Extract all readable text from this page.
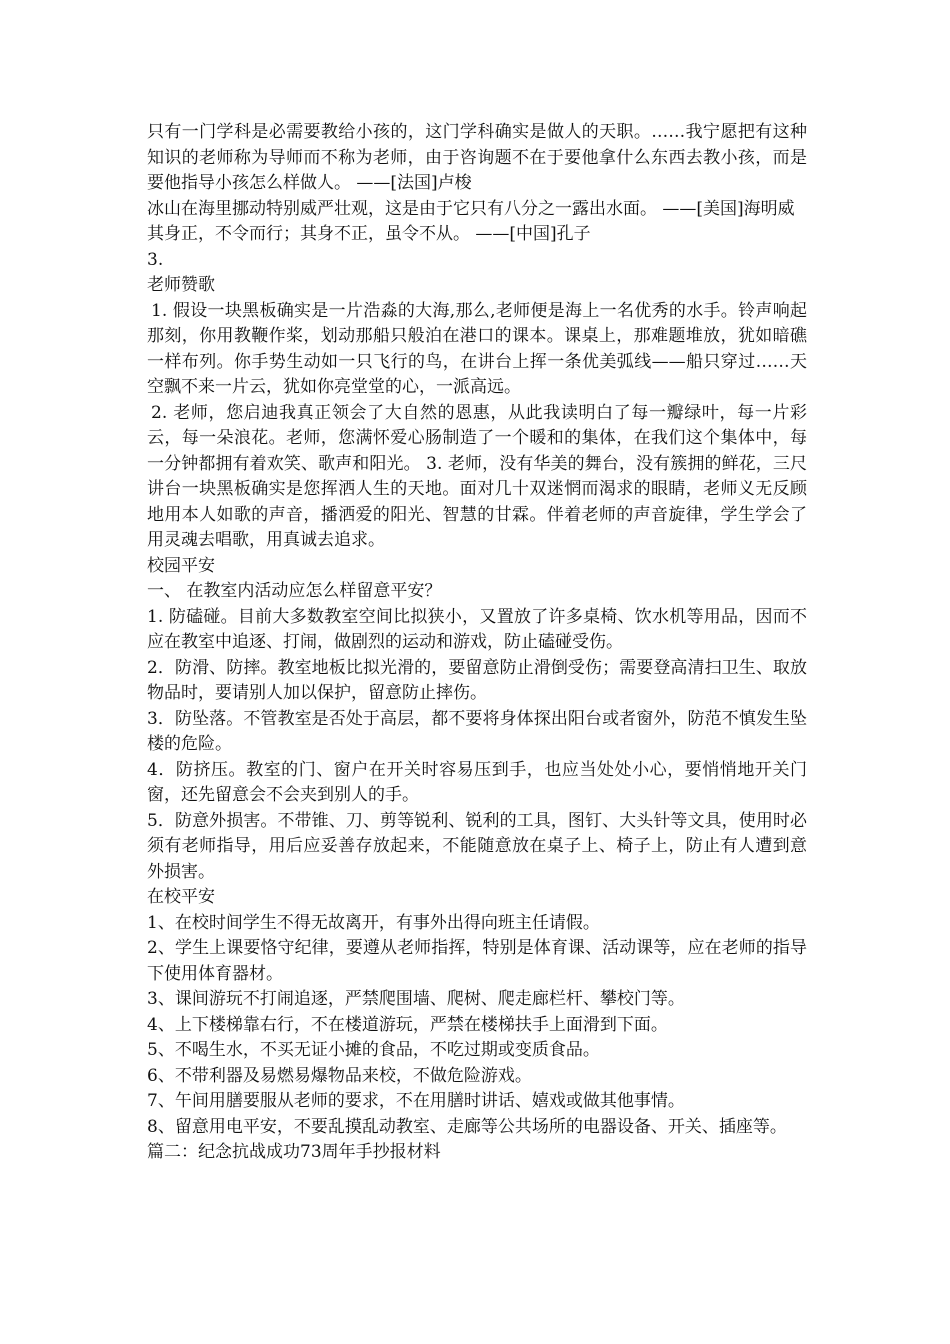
只有一门学科是必需要教给小孩的，这门学科确实是做人的天职。……我宁愿把有这种知识的老师称为导师而不称为老师，由于咨询题不在于要他拿什么东西去教小孩，而是要他指导小孩怎么样做人。 ——[法国]卢梭

冰山在海里挪动特别威严壮观，这是由于它只有八分之一露出水面。 ——[美国]海明威

其身正，不令而行；其身不正，虽令不从。 ——[中国]孔子

3.

老师赞歌

1. 假设一块黑板确实是一片浩淼的大海,那么,老师便是海上一名优秀的水手。铃声响起那刻，你用教鞭作桨，划动那船只般泊在港口的课本。课桌上，那难题堆放，犹如暗礁一样布列。你手势生动如一只飞行的鸟，在讲台上挥一条优美弧线——船只穿过……天空飘不来一片云，犹如你亮堂堂的心，一派高远。

2. 老师，您启迪我真正领会了大自然的恩惠，从此我读明白了每一瓣绿叶，每一片彩云，每一朵浪花。老师，您满怀爱心肠制造了一个暖和的集体，在我们这个集体中，每一分钟都拥有着欢笑、歌声和阳光。 3. 老师，没有华美的舞台，没有簇拥的鲜花，三尺讲台一块黑板确实是您挥洒人生的天地。面对几十双迷惘而渴求的眼睛，老师义无反顾地用本人如歌的声音，播洒爱的阳光、智慧的甘霖。伴着老师的声音旋律，学生学会了用灵魂去唱歌，用真诚去追求。

校园平安

一、 在教室内活动应怎么样留意平安？

1. 防磕碰。目前大多数教室空间比拟狭小，又置放了许多桌椅、饮水机等用品，因而不应在教室中追逐、打闹，做剧烈的运动和游戏，防止磕碰受伤。

2．防滑、防摔。教室地板比拟光滑的，要留意防止滑倒受伤；需要登高清扫卫生、取放物品时，要请别人加以保护，留意防止摔伤。

3．防坠落。不管教室是否处于高层，都不要将身体探出阳台或者窗外，防范不慎发生坠楼的危险。

4．防挤压。教室的门、窗户在开关时容易压到手，也应当处处小心，要悄悄地开关门窗，还先留意会不会夹到别人的手。

5．防意外损害。不带锥、刀、剪等锐利、锐利的工具，图钉、大头针等文具，使用时必须有老师指导，用后应妥善存放起来，不能随意放在桌子上、椅子上，防止有人遭到意外损害。

在校平安

1、在校时间学生不得无故离开，有事外出得向班主任请假。

2、学生上课要恪守纪律，要遵从老师指挥，特别是体育课、活动课等，应在老师的指导下使用体育器材。

3、课间游玩不打闹追逐，严禁爬围墙、爬树、爬走廊栏杆、攀校门等。

4、上下楼梯靠右行，不在楼道游玩，严禁在楼梯扶手上面滑到下面。

5、不喝生水，不买无证小摊的食品，不吃过期或变质食品。

6、不带利器及易燃易爆物品来校，不做危险游戏。

7、午间用膳要服从老师的要求，不在用膳时讲话、嬉戏或做其他事情。

8、留意用电平安，不要乱摸乱动教室、走廊等公共场所的电器设备、开关、插座等。

篇二：纪念抗战成功73周年手抄报材料
